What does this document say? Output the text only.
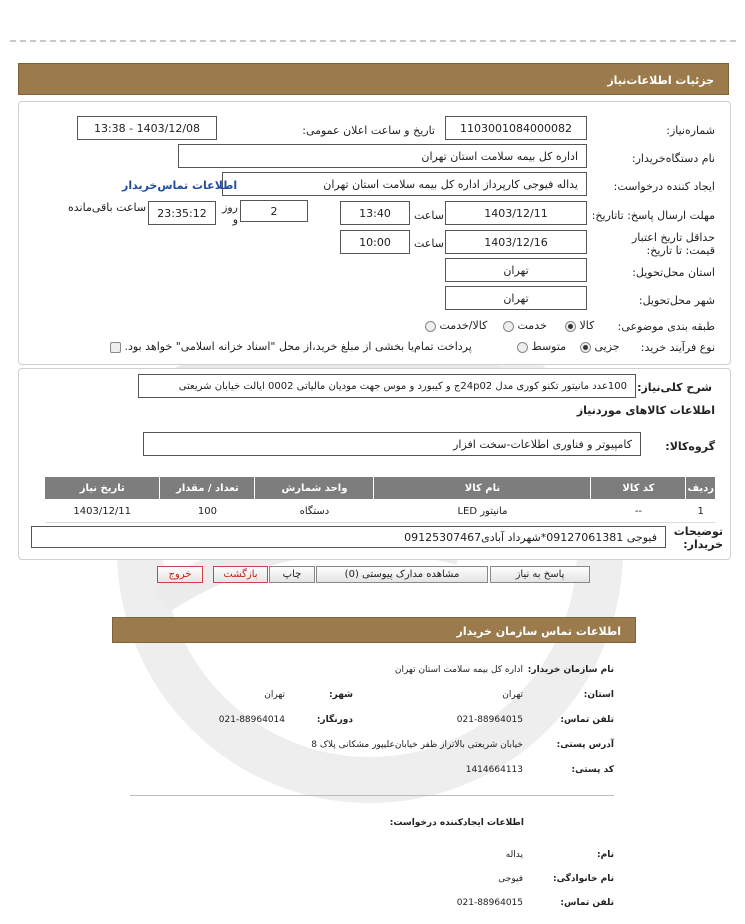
جزئیات اطلاعات‌نیاز
شماره‌نیاز:
1103001084000082
تاریخ و ساعت اعلان عمومی:
1403/12/08 - 13:38
نام دستگاه‌خریدار:
اداره کل بیمه سلامت استان تهران
ایجاد کننده درخواست:
یداله فیوجی کارپرداز اداره کل بیمه سلامت استان تهران
اطلاعات تماس‌خریدار
مهلت ارسال پاسخ: تاتاریخ:
1403/12/11
ساعت
13:40
2
روز و
23:35:12
ساعت باقی‌مانده
حداقل تاریخ اعتبار قیمت: تا تاریخ:
1403/12/16
ساعت
10:00
استان محل‌تحویل:
تهران
شهر محل‌تحویل:
تهران
طبقه بندی موضوعی:
کالا
خدمت
کالا/خدمت
نوع فرآیند خرید:
جزیی
متوسط
پرداخت تمام‌یا بخشی از مبلغ خرید،از محل "اسناد خزانه اسلامی" خواهد بود.
شرح کلی‌نیاز:
100عدد مانیتور تکنو کوری مدل 24p02ج و کیبورد و موس جهت مودیان مالیاتی 0002 ایالت خیابان شریعتی
اطلاعات کالاهای موردنیاز
گروه‌کالا:
کامپیوتر و فناوری اطلاعات-سخت افزار
ردیف	کد کالا	نام کالا	واحد شمارش	تعداد / مقدار	تاریخ نیاز
1	--	مانیتور LED	دستگاه	100	1403/12/11
توضیحات خریدار:
فیوجی 09127061381*شهرداد آبادی09125307467
پاسخ به نیاز
مشاهده مدارک پیوستی (0)
چاپ
بازگشت
خروج
اطلاعات تماس سازمان خریدار
نام سازمان خریدار:
اداره کل بیمه سلامت استان تهران
استان:
تهران
شهر:
تهران
تلفن تماس:
021-88964015
دورنگار:
021-88964014
آدرس پستی:
خیابان شریعتی بالاتراز ظفر خیابان‌علیپور مشکانی پلاک 8
کد پستی:
1414664113
اطلاعات ایجادکننده درخواست:
نام:
یداله
نام خانوادگی:
فیوجی
تلفن تماس:
021-88964015
